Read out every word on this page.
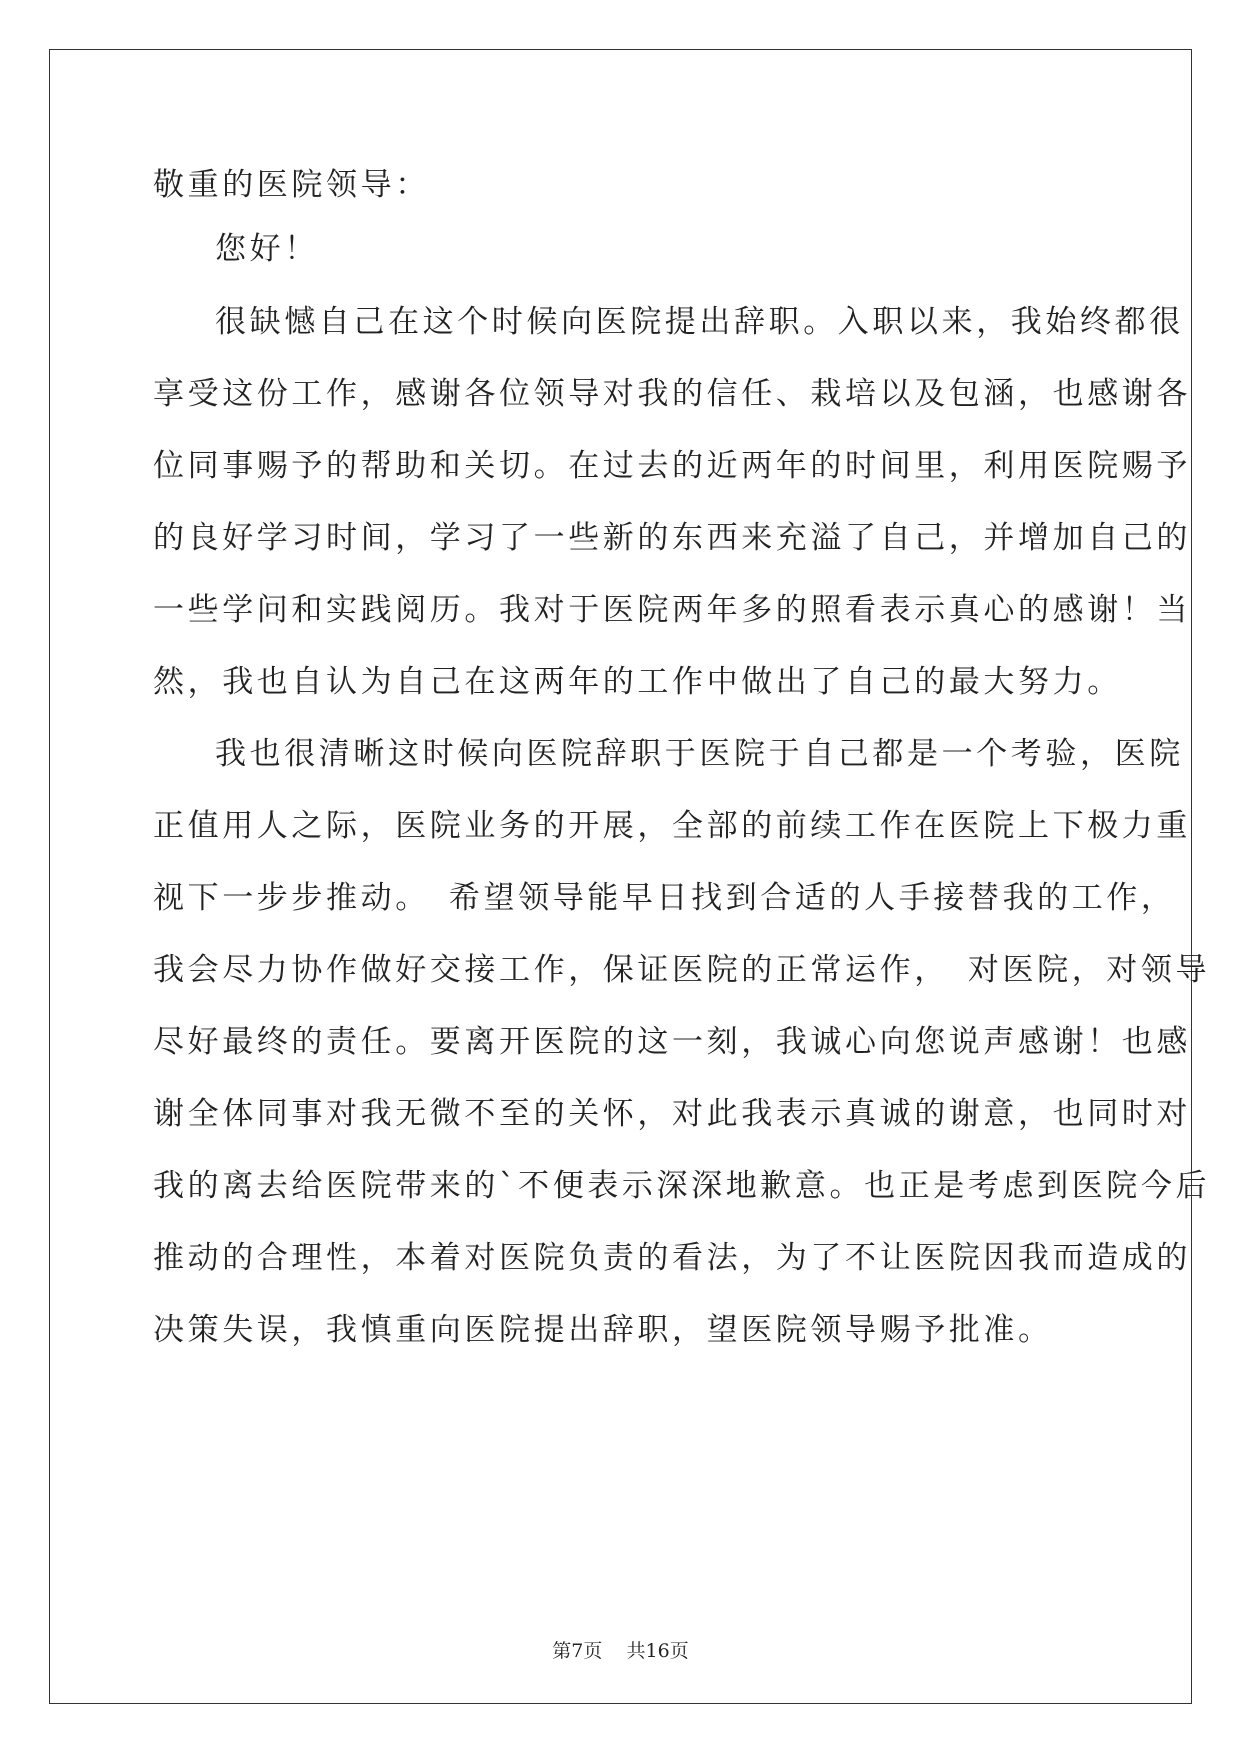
敬重的医院领导：
您好！
很缺憾自己在这个时候向医院提出辞职。入职以来，我始终都很
享受这份工作，感谢各位领导对我的信任、栽培以及包涵，也感谢各
位同事赐予的帮助和关切。在过去的近两年的时间里，利用医院赐予
的良好学习时间，学习了一些新的东西来充溢了自己，并增加自己的
一些学问和实践阅历。我对于医院两年多的照看表示真心的感谢！当
然，我也自认为自己在这两年的工作中做出了自己的最大努力。
我也很清晰这时候向医院辞职于医院于自己都是一个考验，医院
正值用人之际，医院业务的开展，全部的前续工作在医院上下极力重
视下一步步推动。　希望领导能早日找到合适的人手接替我的工作，
我会尽力协作做好交接工作，保证医院的正常运作，　对医院，对领导
尽好最终的责任。要离开医院的这一刻，我诚心向您说声感谢！也感
谢全体同事对我无微不至的关怀，对此我表示真诚的谢意，也同时对
我的离去给医院带来的`不便表示深深地歉意。也正是考虑到医院今后
推动的合理性，本着对医院负责的看法，为了不让医院因我而造成的
决策失误，我慎重向医院提出辞职，望医院领导赐予批准。
第7页 共16页
